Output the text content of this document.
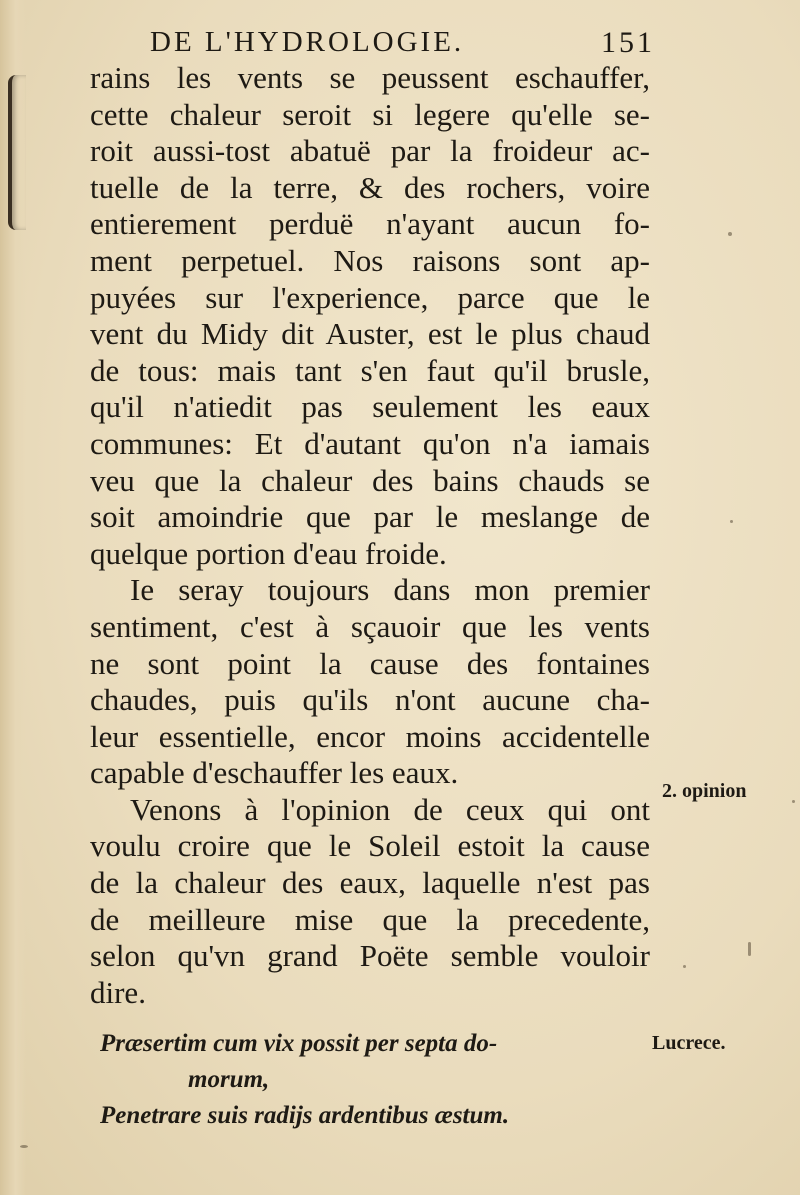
DE L'HYDROLOGIE.	151
rains les vents se peussent eschauffer,
cette chaleur seroit si legere qu'elle se-
roit aussi-tost abatuë par la froideur ac-
tuelle de la terre, & des rochers, voire
entierement perduë n'ayant aucun fo-
ment perpetuel. Nos raisons sont ap-
puyées sur l'experience, parce que le
vent du Midy dit Auster, est le plus chaud
de tous: mais tant s'en faut qu'il brusle,
qu'il n'atiedit pas seulement les eaux
communes: Et d'autant qu'on n'a iamais
veu que la chaleur des bains chauds se
soit amoindrie que par le meslange de
quelque portion d'eau froide.
Ie seray toujours dans mon premier
sentiment, c'est à sçauoir que les vents
ne sont point la cause des fontaines
chaudes, puis qu'ils n'ont aucune cha-
leur essentielle, encor moins accidentelle
capable d'eschauffer les eaux.
Venons à l'opinion de ceux qui ont
voulu croire que le Soleil estoit la cause
de la chaleur des eaux, laquelle n'est pas
de meilleure mise que la precedente,
selon qu'vn grand Poëte semble vouloir
dire.
Præsertim cum vix possit per septa do-
morum,
Penetrare suis radijs ardentibus æstum.
2. opinion
Lucrece.
